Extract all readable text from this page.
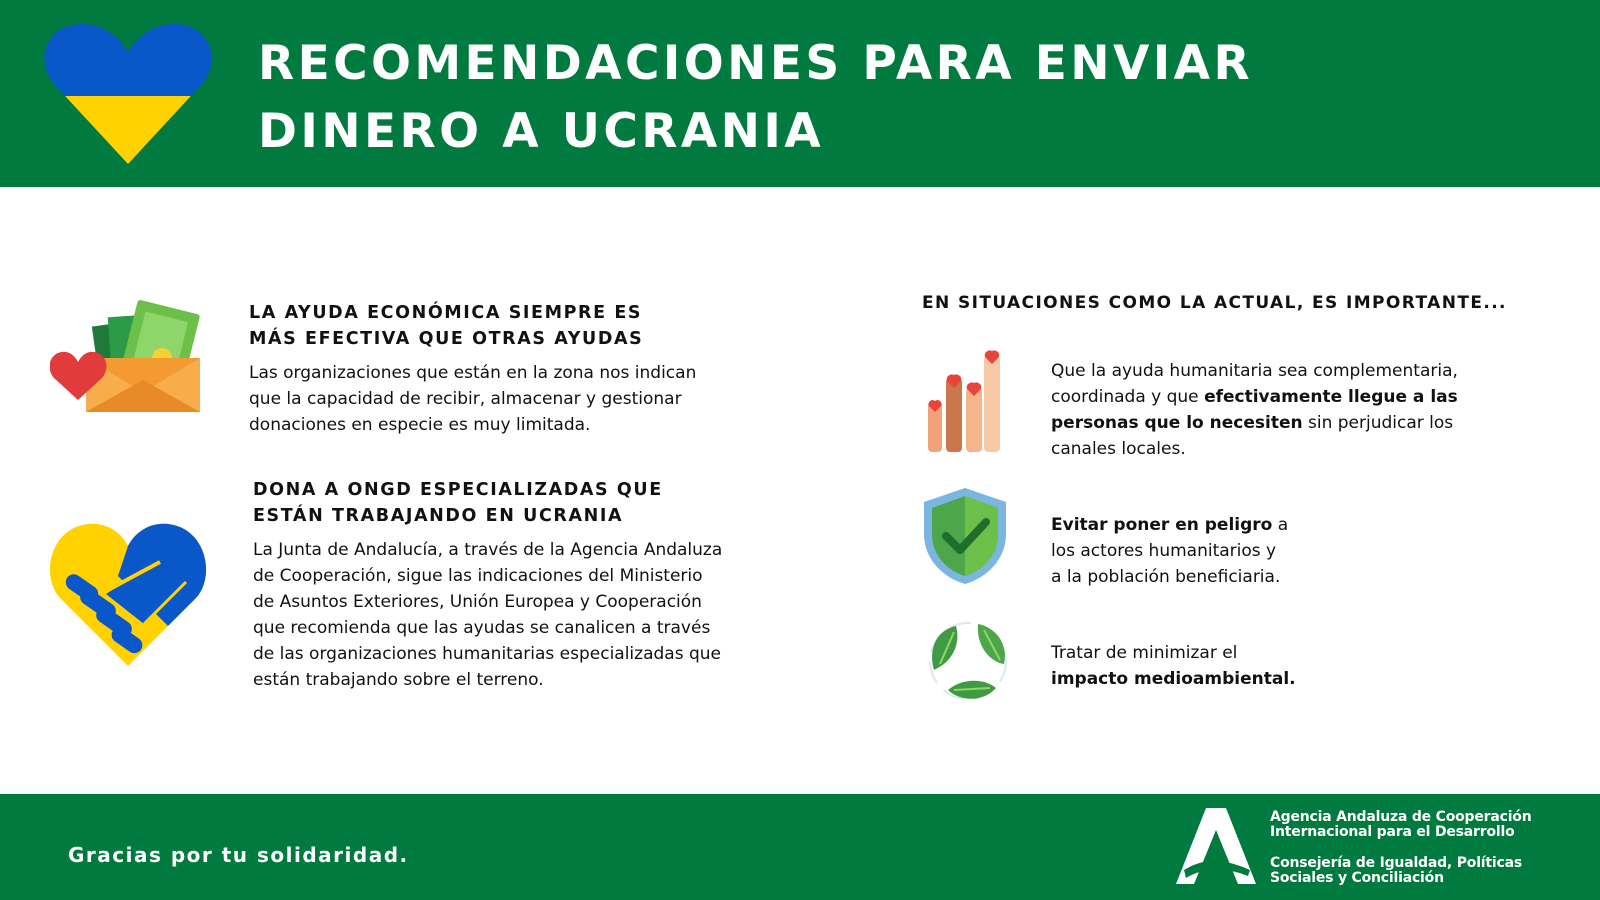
RECOMENDACIONES PARA ENVIAR
DINERO A UCRANIA
LA AYUDA ECONÓMICA SIEMPRE ES
MÁS EFECTIVA QUE OTRAS AYUDAS

Las organizaciones que están en la zona nos indican
que la capacidad de recibir, almacenar y gestionar
donaciones en especie es muy limitada.

DONA A ONGD ESPECIALIZADAS QUE
ESTÁN TRABAJANDO EN UCRANIA

La Junta de Andalucía, a través de la Agencia Andaluza
de Cooperación, sigue las indicaciones del Ministerio
de Asuntos Exteriores, Unión Europea y Cooperación
que recomienda que las ayudas se canalicen a través
de las organizaciones humanitarias especializadas que
están trabajando sobre el terreno.

EN SITUACIONES COMO LA ACTUAL, ES IMPORTANTE...

Que la ayuda humanitaria sea complementaria,
coordinada y que efectivamente llegue a las
personas que lo necesiten sin perjudicar los
canales locales.

Evitar poner en peligro a
los actores humanitarios y
a la población beneficiaria.

Tratar de minimizar el
impacto medioambiental.

Gracias por tu solidaridad.

Agencia Andaluza de Cooperación
Internacional para el Desarrollo

Consejería de Igualdad, Políticas
Sociales y Conciliación
